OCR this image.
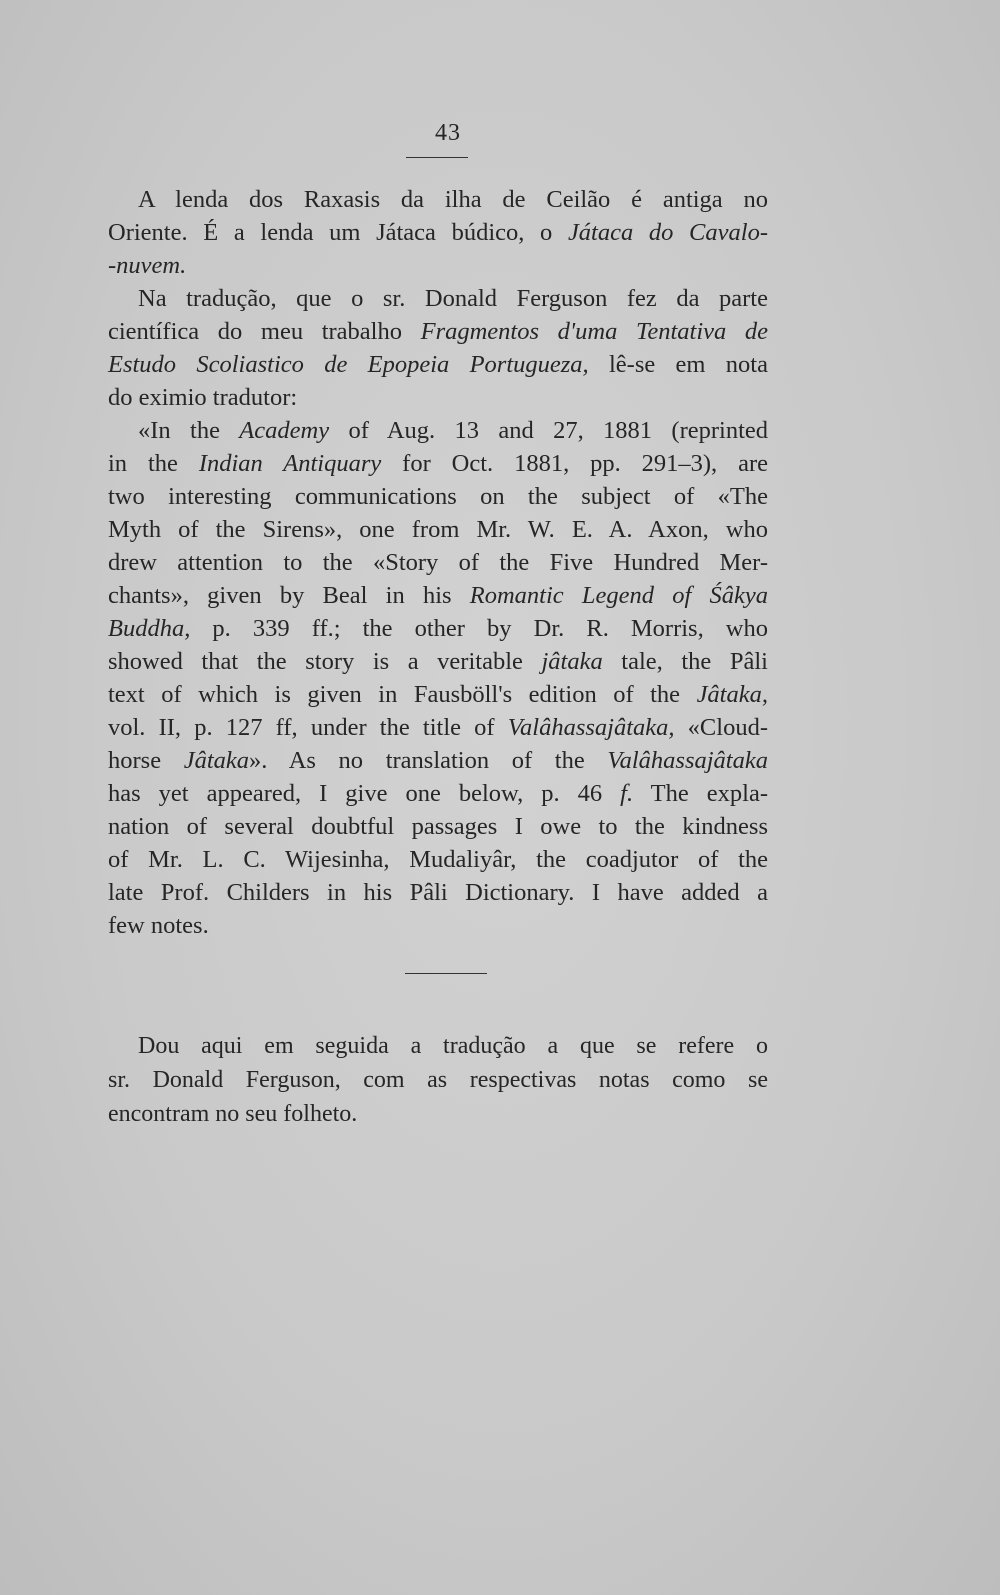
43
A lenda dos Raxasis da ilha de Ceilão é antiga no
Oriente. É a lenda um Játaca búdico, o Játaca do Cavalo-
-nuvem.
Na tradução, que o sr. Donald Ferguson fez da parte
científica do meu trabalho Fragmentos d'uma Tentativa de
Estudo Scoliastico de Epopeia Portugueza, lê-se em nota
do eximio tradutor:
«In the Academy of Aug. 13 and 27, 1881 (reprinted
in the Indian Antiquary for Oct. 1881, pp. 291–3), are
two interesting communications on the subject of «The
Myth of the Sirens», one from Mr. W. E. A. Axon, who
drew attention to the «Story of the Five Hundred Mer-
chants», given by Beal in his Romantic Legend of Śâkya
Buddha, p. 339 ff.; the other by Dr. R. Morris, who
showed that the story is a veritable jâtaka tale, the Pâli
text of which is given in Fausböll's edition of the Jâtaka,
vol. II, p. 127 ff, under the title of Valâhassajâtaka, «Cloud-
horse Jâtaka». As no translation of the Valâhassajâtaka
has yet appeared, I give one below, p. 46 f. The expla-
nation of several doubtful passages I owe to the kindness
of Mr. L. C. Wijesinha, Mudaliyâr, the coadjutor of the
late Prof. Childers in his Pâli Dictionary. I have added a
few notes.
Dou aqui em seguida a tradução a que se refere o
sr. Donald Ferguson, com as respectivas notas como se
encontram no seu folheto.
